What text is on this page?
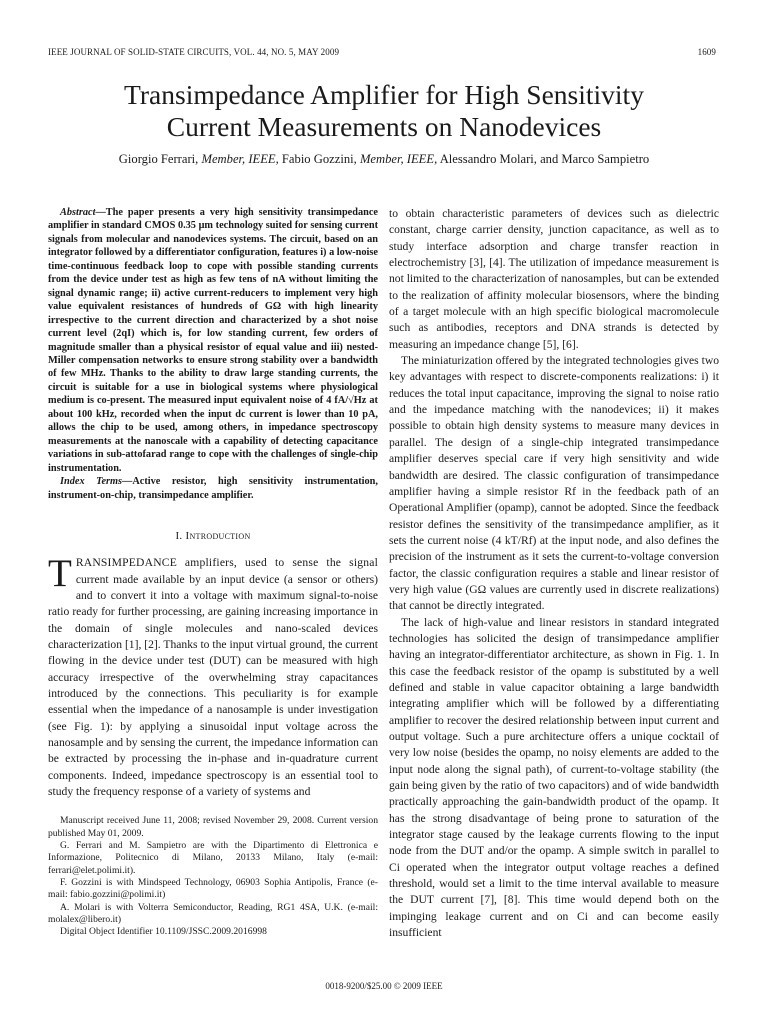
IEEE JOURNAL OF SOLID-STATE CIRCUITS, VOL. 44, NO. 5, MAY 2009	1609
Transimpedance Amplifier for High Sensitivity
Current Measurements on Nanodevices
Giorgio Ferrari, Member, IEEE, Fabio Gozzini, Member, IEEE, Alessandro Molari, and Marco Sampietro

Abstract—The paper presents a very high sensitivity transimpedance amplifier in standard CMOS 0.35 μm technology suited for sensing current signals from molecular and nanodevices systems. The circuit, based on an integrator followed by a differentiator configuration, features i) a low-noise time-continuous feedback loop to cope with possible standing currents from the device under test as high as few tens of nA without limiting the signal dynamic range; ii) active current-reducers to implement very high value equivalent resistances of hundreds of GΩ with high linearity irrespective to the current direction and characterized by a shot noise current level (2qI) which is, for low standing current, few orders of magnitude smaller than a physical resistor of equal value and iii) nested-Miller compensation networks to ensure strong stability over a bandwidth of few MHz. Thanks to the ability to draw large standing currents, the circuit is suitable for a use in biological systems where physiological medium is co-present. The measured input equivalent noise of 4 fA/√Hz at about 100 kHz, recorded when the input dc current is lower than 10 pA, allows the chip to be used, among others, in impedance spectroscopy measurements at the nanoscale with a capability of detecting capacitance variations in sub-attofarad range to cope with the challenges of single-chip instrumentation.

Index Terms—Active resistor, high sensitivity instrumentation, instrument-on-chip, transimpedance amplifier.

I. Introduction

TRANSIMPEDANCE amplifiers, used to sense the signal current made available by an input device (a sensor or others) and to convert it into a voltage with maximum signal-to-noise ratio ready for further processing, are gaining increasing importance in the domain of single molecules and nano-scaled devices characterization [1], [2]. Thanks to the input virtual ground, the current flowing in the device under test (DUT) can be measured with high accuracy irrespective of the overwhelming stray capacitances introduced by the connections. This peculiarity is for example essential when the impedance of a nanosample is under investigation (see Fig. 1): by applying a sinusoidal input voltage across the nanosample and by sensing the current, the impedance information can be extracted by processing the in-phase and in-quadrature current components. Indeed, impedance spectroscopy is an essential tool to study the frequency response of a variety of systems and

Manuscript received June 11, 2008; revised November 29, 2008. Current version published May 01, 2009.

G. Ferrari and M. Sampietro are with the Dipartimento di Elettronica e Informazione, Politecnico di Milano, 20133 Milano, Italy (e-mail: ferrari@elet.polimi.it).

F. Gozzini is with Mindspeed Technology, 06903 Sophia Antipolis, France (e-mail: fabio.gozzini@polimi.it)

A. Molari is with Volterra Semiconductor, Reading, RG1 4SA, U.K. (e-mail: molalex@libero.it)

Digital Object Identifier 10.1109/JSSC.2009.2016998

to obtain characteristic parameters of devices such as dielectric constant, charge carrier density, junction capacitance, as well as to study interface adsorption and charge transfer reaction in electrochemistry [3], [4]. The utilization of impedance measurement is not limited to the characterization of nanosamples, but can be extended to the realization of affinity molecular biosensors, where the binding of a target molecule with an high specific biological macromolecule such as antibodies, receptors and DNA strands is detected by measuring an impedance change [5], [6].

The miniaturization offered by the integrated technologies gives two key advantages with respect to discrete-components realizations: i) it reduces the total input capacitance, improving the signal to noise ratio and the impedance matching with the nanodevices; ii) it makes possible to obtain high density systems to measure many devices in parallel. The design of a single-chip integrated transimpedance amplifier deserves special care if very high sensitivity and wide bandwidth are desired. The classic configuration of transimpedance amplifier having a simple resistor Rf in the feedback path of an Operational Amplifier (opamp), cannot be adopted. Since the feedback resistor defines the sensitivity of the transimpedance amplifier, as it sets the current noise (4 kT/Rf) at the input node, and also defines the precision of the instrument as it sets the current-to-voltage conversion factor, the classic configuration requires a stable and linear resistor of very high value (GΩ values are currently used in discrete realizations) that cannot be directly integrated.

The lack of high-value and linear resistors in standard integrated technologies has solicited the design of transimpedance amplifier having an integrator-differentiator architecture, as shown in Fig. 1. In this case the feedback resistor of the opamp is substituted by a well defined and stable in value capacitor obtaining a large bandwidth integrating amplifier which will be followed by a differentiating amplifier to recover the desired relationship between input current and output voltage. Such a pure architecture offers a unique cocktail of very low noise (besides the opamp, no noisy elements are added to the input node along the signal path), of current-to-voltage stability (the gain being given by the ratio of two capacitors) and of wide bandwidth practically approaching the gain-bandwidth product of the opamp. It has the strong disadvantage of being prone to saturation of the integrator stage caused by the leakage currents flowing to the input node from the DUT and/or the opamp. A simple switch in parallel to Ci operated when the integrator output voltage reaches a defined threshold, would set a limit to the time interval available to measure the DUT current [7], [8]. This time would depend both on the impinging leakage current and on Ci and can become easily insufficient

0018-9200/$25.00 © 2009 IEEE
